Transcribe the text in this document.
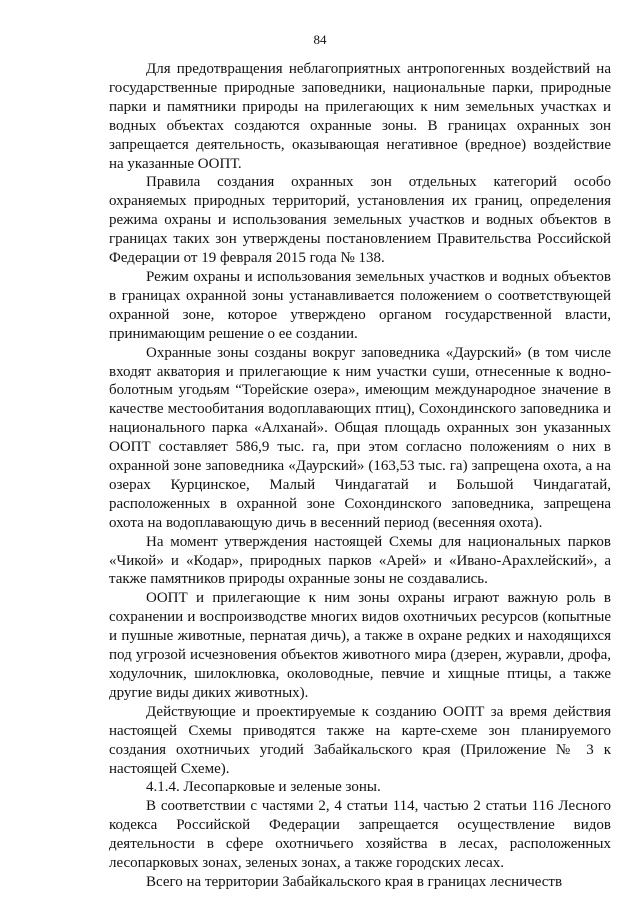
84

Для предотвращения неблагоприятных антропогенных воздействий на государственные природные заповедники, национальные парки, природные парки и памятники природы на прилегающих к ним земельных участках и водных объектах создаются охранные зоны. В границах охранных зон запрещается деятельность, оказывающая негативное (вредное) воздействие на указанные ООПТ.

Правила создания охранных зон отдельных категорий особо охраняемых природных территорий, установления их границ, определения режима охраны и использования земельных участков и водных объектов в границах таких зон утверждены постановлением Правительства Российской Федерации от 19 февраля 2015 года № 138.

Режим охраны и использования земельных участков и водных объектов в границах охранной зоны устанавливается положением о соответствующей охранной зоне, которое утверждено органом государственной власти, принимающим решение о ее создании.

Охранные зоны созданы вокруг заповедника «Даурский» (в том числе входят акватория и прилегающие к ним участки суши, отнесенные к водно-болотным угодьям “Торейские озера», имеющим международное значение в качестве местообитания водоплавающих птиц), Сохондинского заповедника и национального парка «Алханай». Общая площадь охранных зон указанных ООПТ составляет 586,9 тыс. га, при этом согласно положениям о них в охранной зоне заповедника «Даурский» (163,53 тыс. га) запрещена охота, а на озерах Курцинское, Малый Чиндагатай и Большой Чиндагатай, расположенных в охранной зоне Сохондинского заповедника, запрещена охота на водоплавающую дичь в весенний период (весенняя охота).

На момент утверждения настоящей Схемы для национальных парков «Чикой» и «Кодар», природных парков «Арей» и «Ивано-Арахлейский», а также памятников природы охранные зоны не создавались.

ООПТ и прилегающие к ним зоны охраны играют важную роль в сохранении и воспроизводстве многих видов охотничьих ресурсов (копытные и пушные животные, пернатая дичь), а также в охране редких и находящихся под угрозой исчезновения объектов животного мира (дзерен, журавли, дрофа, ходулочник, шилоклювка, околоводные, певчие и хищные птицы, а также другие виды диких животных).

Действующие и проектируемые к созданию ООПТ за время действия настоящей Схемы приводятся также на карте-схеме зон планируемого создания охотничьих угодий Забайкальского края (Приложение № 3 к настоящей Схеме).

4.1.4. Лесопарковые и зеленые зоны.

В соответствии с частями 2, 4 статьи 114, частью 2 статьи 116 Лесного кодекса Российской Федерации запрещается осуществление видов деятельности в сфере охотничьего хозяйства в лесах, расположенных лесопарковых зонах, зеленых зонах, а также городских лесах.

Всего на территории Забайкальского края в границах лесничеств
